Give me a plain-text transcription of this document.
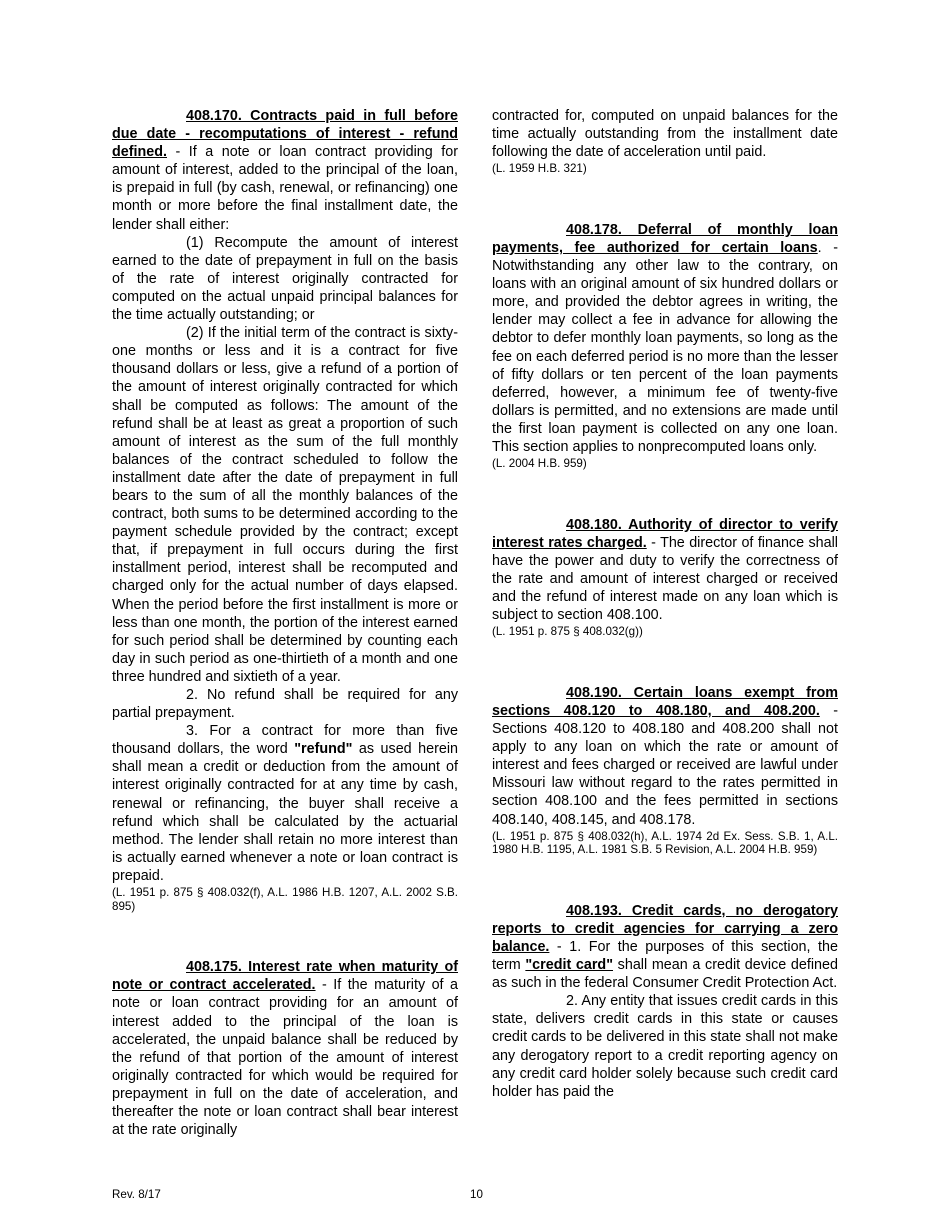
408.170. Contracts paid in full before due date - recomputations of interest - refund defined. - If a note or loan contract providing for amount of interest, added to the principal of the loan, is prepaid in full (by cash, renewal, or refinancing) one month or more before the final installment date, the lender shall either:

(1) Recompute the amount of interest earned to the date of prepayment in full on the basis of the rate of interest originally contracted for computed on the actual unpaid principal balances for the time actually outstanding; or

(2) If the initial term of the contract is sixty-one months or less and it is a contract for five thousand dollars or less, give a refund of a portion of the amount of interest originally contracted for which shall be computed as follows: The amount of the refund shall be at least as great a proportion of such amount of interest as the sum of the full monthly balances of the contract scheduled to follow the installment date after the date of prepayment in full bears to the sum of all the monthly balances of the contract, both sums to be determined according to the payment schedule provided by the contract; except that, if prepayment in full occurs during the first installment period, interest shall be recomputed and charged only for the actual number of days elapsed. When the period before the first installment is more or less than one month, the portion of the interest earned for such period shall be determined by counting each day in such period as one-thirtieth of a month and one three hundred and sixtieth of a year.

2. No refund shall be required for any partial prepayment.

3. For a contract for more than five thousand dollars, the word "refund" as used herein shall mean a credit or deduction from the amount of interest originally contracted for at any time by cash, renewal or refinancing, the buyer shall receive a refund which shall be calculated by the actuarial method. The lender shall retain no more interest than is actually earned whenever a note or loan contract is prepaid.

(L. 1951 p. 875 § 408.032(f), A.L. 1986 H.B. 1207, A.L. 2002 S.B. 895)

408.175. Interest rate when maturity of note or contract accelerated. - If the maturity of a note or loan contract providing for an amount of interest added to the principal of the loan is accelerated, the unpaid balance shall be reduced by the refund of that portion of the amount of interest originally contracted for which would be required for prepayment in full on the date of acceleration, and thereafter the note or loan contract shall bear interest at the rate originally

contracted for, computed on unpaid balances for the time actually outstanding from the installment date following the date of acceleration until paid.

(L. 1959 H.B. 321)

408.178. Deferral of monthly loan payments, fee authorized for certain loans. - Notwithstanding any other law to the contrary, on loans with an original amount of six hundred dollars or more, and provided the debtor agrees in writing, the lender may collect a fee in advance for allowing the debtor to defer monthly loan payments, so long as the fee on each deferred period is no more than the lesser of fifty dollars or ten percent of the loan payments deferred, however, a minimum fee of twenty-five dollars is permitted, and no extensions are made until the first loan payment is collected on any one loan. This section applies to nonprecomputed loans only.

(L. 2004 H.B. 959)

408.180. Authority of director to verify interest rates charged. - The director of finance shall have the power and duty to verify the correctness of the rate and amount of interest charged or received and the refund of interest made on any loan which is subject to section 408.100.

(L. 1951 p. 875 § 408.032(g))

408.190. Certain loans exempt from sections 408.120 to 408.180, and 408.200. - Sections 408.120 to 408.180 and 408.200 shall not apply to any loan on which the rate or amount of interest and fees charged or received are lawful under Missouri law without regard to the rates permitted in section 408.100 and the fees permitted in sections 408.140, 408.145, and 408.178.

(L. 1951 p. 875 § 408.032(h), A.L. 1974 2d Ex. Sess. S.B. 1, A.L. 1980 H.B. 1195, A.L. 1981 S.B. 5 Revision, A.L. 2004 H.B. 959)

408.193. Credit cards, no derogatory reports to credit agencies for carrying a zero balance. - 1. For the purposes of this section, the term "credit card" shall mean a credit device defined as such in the federal Consumer Credit Protection Act.

2. Any entity that issues credit cards in this state, delivers credit cards in this state or causes credit cards to be delivered in this state shall not make any derogatory report to a credit reporting agency on any credit card holder solely because such credit card holder has paid the

Rev. 8/17	10
